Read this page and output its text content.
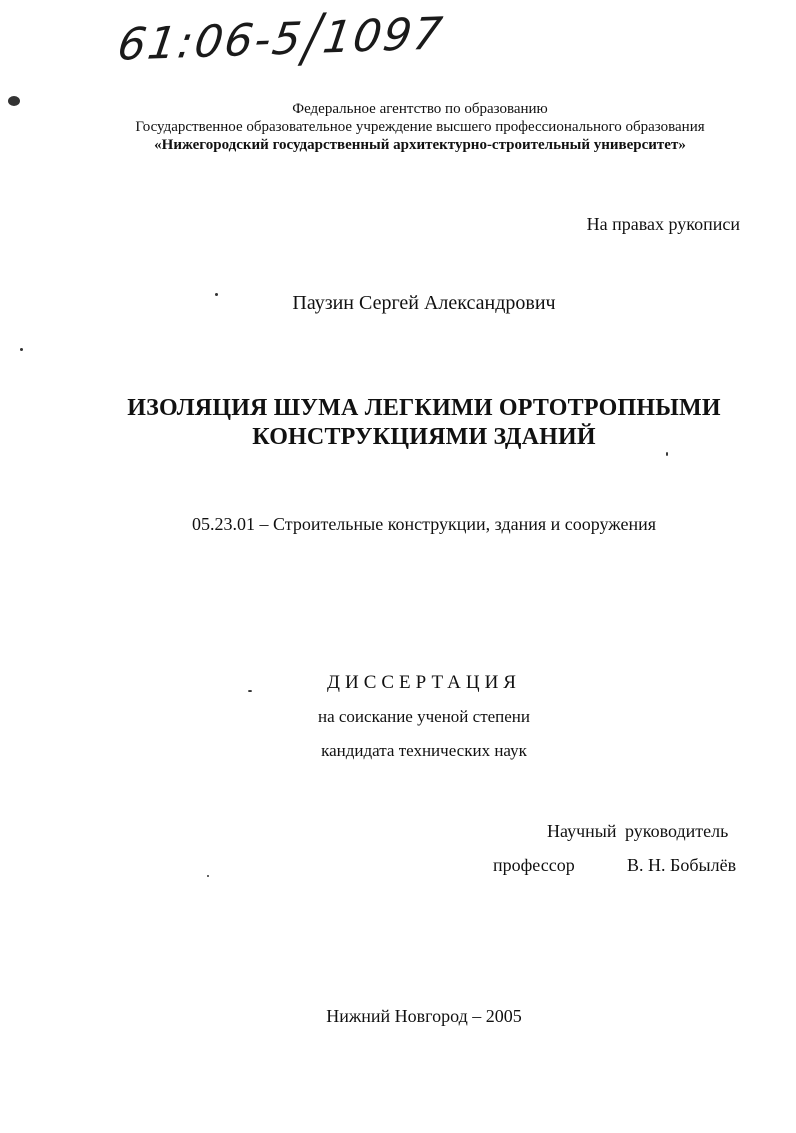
61:06-5/1097
Федеральное агентство по образованию
Государственное образовательное учреждение высшего профессионального образования
«Нижегородский государственный архитектурно-строительный университет»
На правах рукописи
Паузин Сергей Александрович
ИЗОЛЯЦИЯ ШУМА ЛЕГКИМИ ОРТОТРОПНЫМИ
КОНСТРУКЦИЯМИ ЗДАНИЙ
05.23.01 – Строительные конструкции, здания и сооружения
ДИССЕРТАЦИЯ
на соискание ученой степени
кандидата технических наук
Научный руководитель
профессор	В. Н. Бобылёв
Нижний Новгород – 2005
